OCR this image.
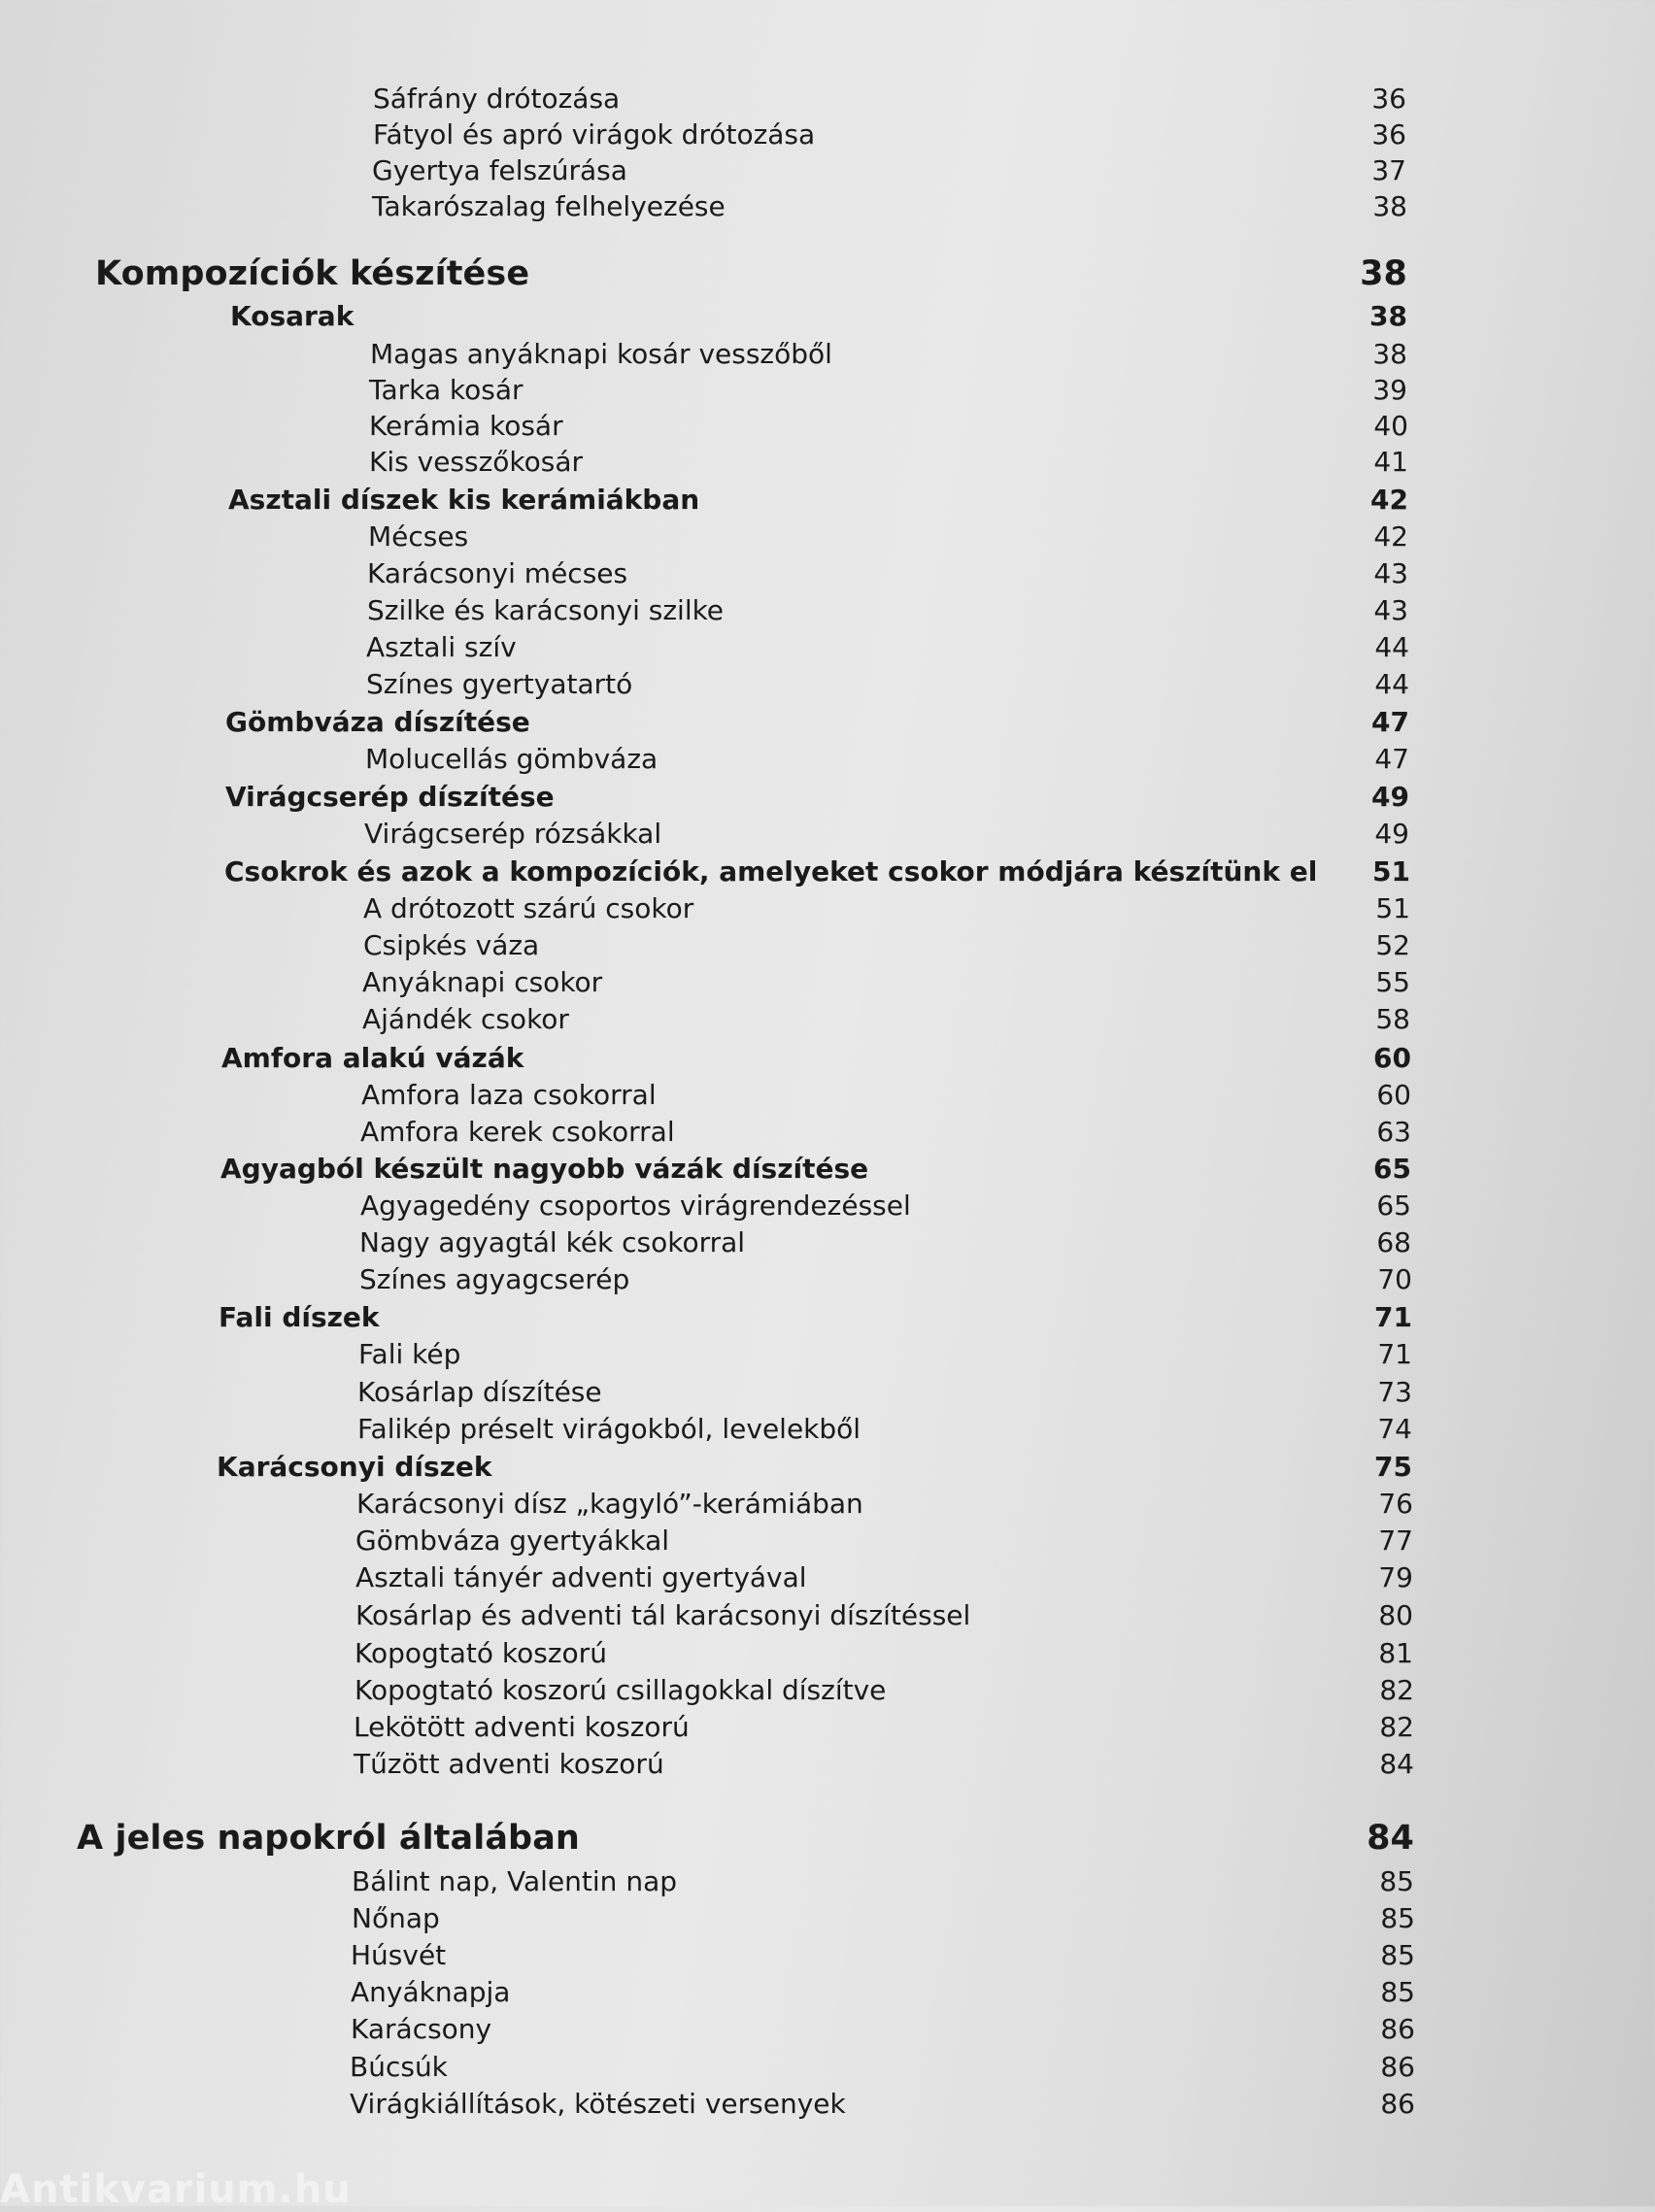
Sáfrány drótozása	36
Fátyol és apró virágok drótozása	36
Gyertya felszúrása	37
Takarószalag felhelyezése	38
Kompozíciók készítése	38
Kosarak	38
Magas anyáknapi kosár vesszőből	38
Tarka kosár	39
Kerámia kosár	40
Kis vesszőkosár	41
Asztali díszek kis kerámiákban	42
Mécses	42
Karácsonyi mécses	43
Szilke és karácsonyi szilke	43
Asztali szív	44
Színes gyertyatartó	44
Gömbváza díszítése	47
Molucellás gömbváza	47
Virágcserép díszítése	49
Virágcserép rózsákkal	49
Csokrok és azok a kompozíciók, amelyeket csokor módjára készítünk el 51
A drótozott szárú csokor	51
Csipkés váza	52
Anyáknapi csokor	55
Ajándék csokor	58
Amfora alakú vázák	60
Amfora laza csokorral	60
Amfora kerek csokorral	63
Agyagból készült nagyobb vázák díszítése	65
Agyagedény csoportos virágrendezéssel	65
Nagy agyagtál kék csokorral	68
Színes agyagcserép	70
Fali díszek	71
Fali kép	71
Kosárlap díszítése	73
Falikép préselt virágokból, levelekből	74
Karácsonyi díszek	75
Karácsonyi dísz „kagyló”-kerámiában	76
Gömbváza gyertyákkal	77
Asztali tányér adventi gyertyával	79
Kosárlap és adventi tál karácsonyi díszítéssel	80
Kopogtató koszorú	81
Kopogtató koszorú csillagokkal díszítve	82
Lekötött adventi koszorú	82
Tűzött adventi koszorú	84
A jeles napokról általában	84
Bálint nap, Valentin nap	85
Nőnap	85
Húsvét	85
Anyáknapja	85
Karácsony	86
Búcsúk	86
Virágkiállítások, kötészeti versenyek	86
Antikvarium.hu
